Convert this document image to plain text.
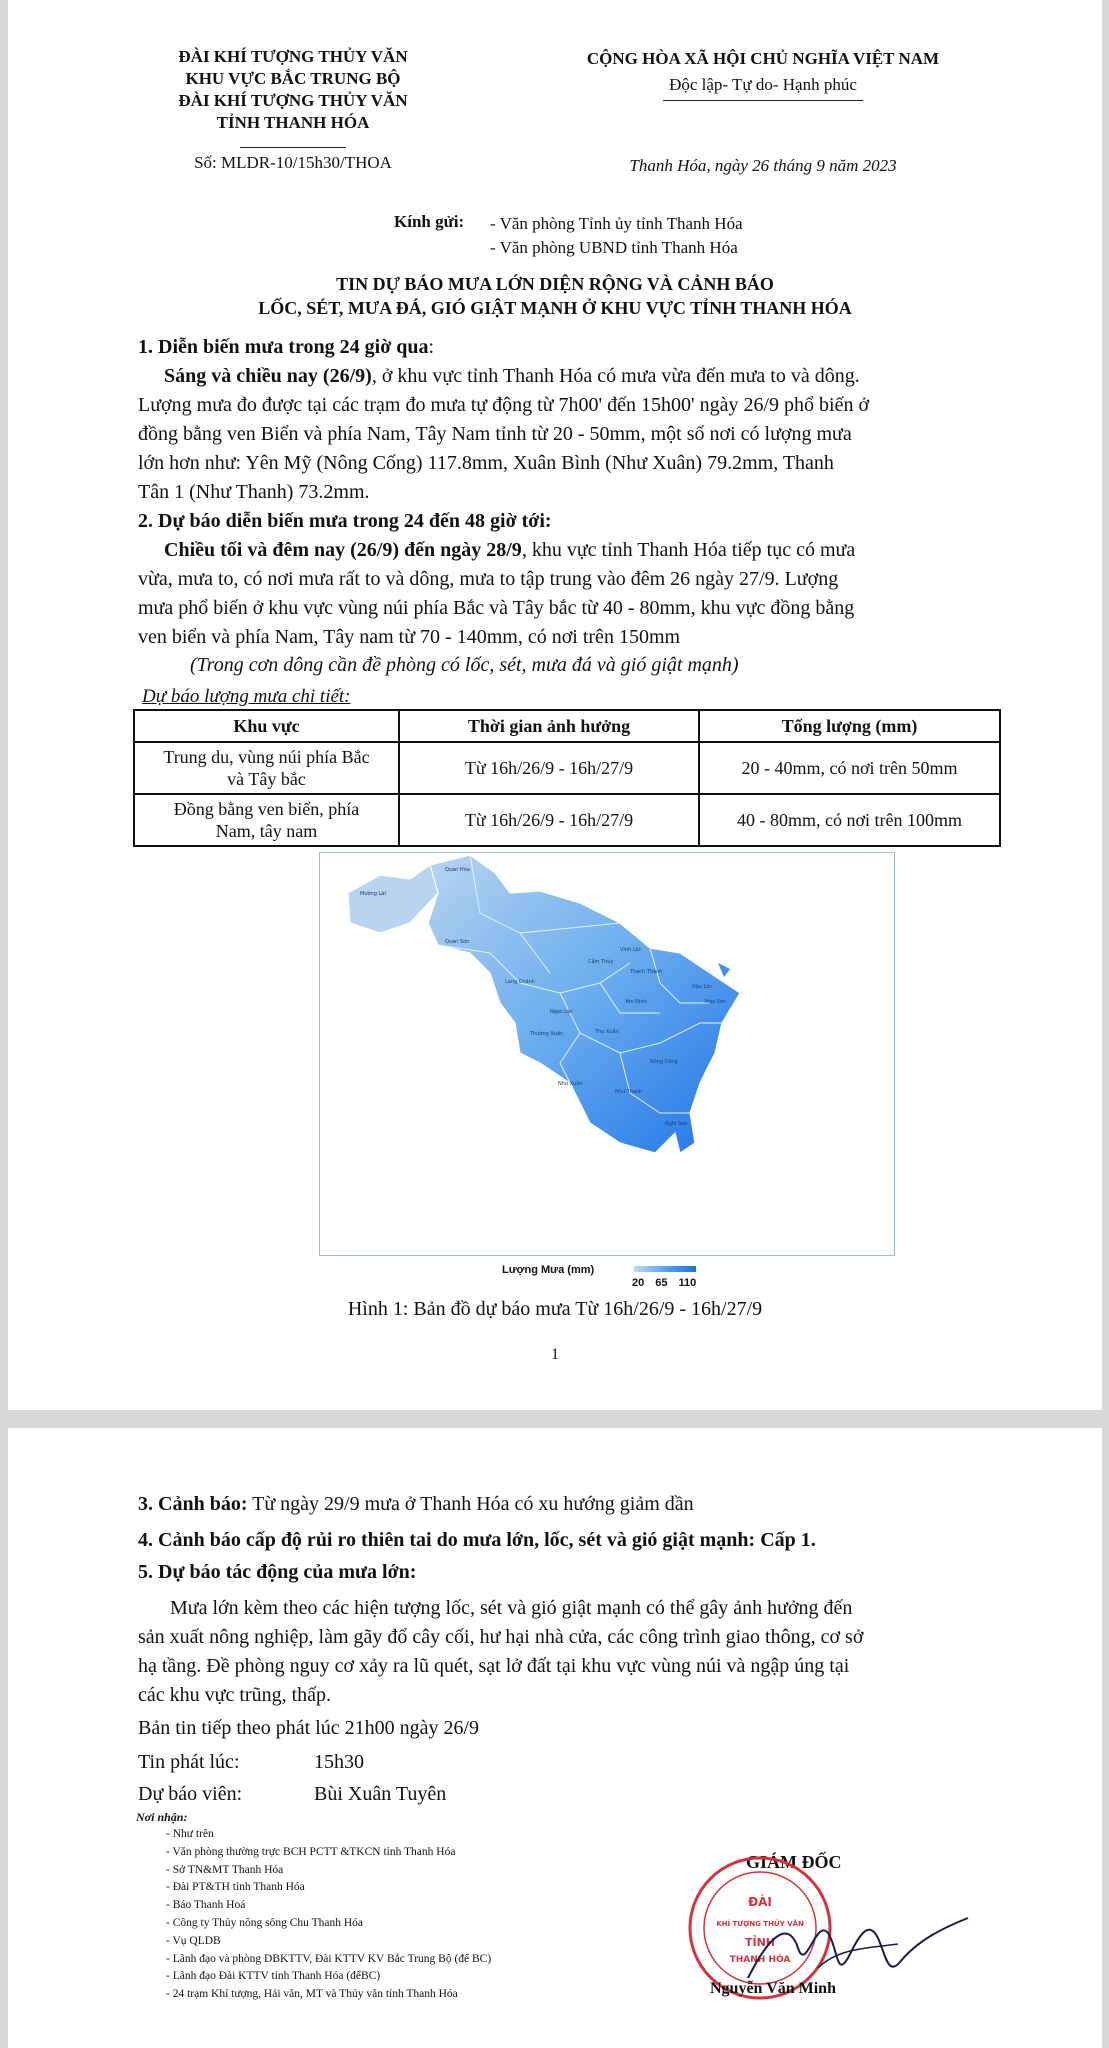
ĐÀI KHÍ TƯỢNG THỦY VĂN
KHU VỰC BẮC TRUNG BỘ
ĐÀI KHÍ TƯỢNG THỦY VĂN
TỈNH THANH HÓA
Số: MLDR-10/15h30/THOA
CỘNG HÒA XÃ HỘI CHỦ NGHĨA VIỆT NAM
Độc lập- Tự do- Hạnh phúc
Thanh Hóa, ngày 26 tháng 9 năm 2023
Kính gửi: - Văn phòng Tỉnh ủy tỉnh Thanh Hóa
- Văn phòng UBND tỉnh Thanh Hóa
TIN DỰ BÁO MƯA LỚN DIỆN RỘNG VÀ CẢNH BÁO
LỐC, SÉT, MƯA ĐÁ, GIÓ GIẬT MẠNH Ở KHU VỰC TỈNH THANH HÓA
1. Diễn biến mưa trong 24 giờ qua:
Sáng và chiều nay (26/9), ở khu vực tỉnh Thanh Hóa có mưa vừa đến mưa to và dông.
Lượng mưa đo được tại các trạm đo mưa tự động từ 7h00' đến 15h00' ngày 26/9 phổ biến ở
đồng bằng ven Biển và phía Nam, Tây Nam tỉnh từ 20 - 50mm, một số nơi có lượng mưa
lớn hơn như: Yên Mỹ (Nông Cống) 117.8mm, Xuân Bình (Như Xuân) 79.2mm, Thanh
Tân 1 (Như Thanh) 73.2mm.
2. Dự báo diễn biến mưa trong 24 đến 48 giờ tới:
Chiều tối và đêm nay (26/9) đến ngày 28/9, khu vực tỉnh Thanh Hóa tiếp tục có mưa
vừa, mưa to, có nơi mưa rất to và dông, mưa to tập trung vào đêm 26 ngày 27/9. Lượng
mưa phổ biến ở khu vực vùng núi phía Bắc và Tây bắc từ 40 - 80mm, khu vực đồng bằng
ven biển và phía Nam, Tây nam từ 70 - 140mm, có nơi trên 150mm
(Trong cơn dông cần đề phòng có lốc, sét, mưa đá và gió giật mạnh)
Dự báo lượng mưa chi tiết:
Khu vực	Thời gian ảnh hưởng	Tổng lượng (mm)

Trung du, vùng núi phía Bắc
và Tây bắc	Từ 16h/26/9 - 16h/27/9	20 - 40mm, có nơi trên 50mm

Đồng bằng ven biển, phía
Nam, tây nam	Từ 16h/26/9 - 16h/27/9	40 - 80mm, có nơi trên 100mm
Mường Lát
Quan Hóa
Quan Sơn
Lang Chánh
Ngọc Lặc
Cẩm Thủy
Thạch Thành
Như Xuân
Như Thanh
Nghi Sơn
Nông Cống
Hậu Lộc
Nga Sơn
Thường Xuân	Thọ Xuân
Yên Định
Vĩnh Lộc
Lượng Mưa (mm)
20 65 110
Hình 1: Bản đồ dự báo mưa Từ 16h/26/9 - 16h/27/9
1
3. Cảnh báo: Từ ngày 29/9 mưa ở Thanh Hóa có xu hướng giảm dần
4. Cảnh báo cấp độ rủi ro thiên tai do mưa lớn, lốc, sét và gió giật mạnh: Cấp 1.
5. Dự báo tác động của mưa lớn:
Mưa lớn kèm theo các hiện tượng lốc, sét và gió giật mạnh có thể gây ảnh hưởng đến
sản xuất nông nghiệp, làm gãy đổ cây cối, hư hại nhà cửa, các công trình giao thông, cơ sở
hạ tầng. Đề phòng nguy cơ xảy ra lũ quét, sạt lở đất tại khu vực vùng núi và ngập úng tại
các khu vực trũng, thấp.
Bản tin tiếp theo phát lúc 21h00 ngày 26/9
Tin phát lúc:	15h30
Dự báo viên:	Bùi Xuân Tuyên
Nơi nhận:
- Như trên
- Văn phòng thường trực BCH PCTT &TKCN tỉnh Thanh Hóa
- Sở TN&MT Thanh Hóa
- Đài PT&TH tỉnh Thanh Hóa
- Báo Thanh Hoá
- Công ty Thủy nông sông Chu Thanh Hóa
- Vụ QLDB
- Lãnh đạo và phòng DBKTTV, Đài KTTV KV Bắc Trung Bộ (để BC)
- Lãnh đạo Đài KTTV tỉnh Thanh Hóa (đểBC)
- 24 trạm Khí tượng, Hải văn, MT và Thủy văn tỉnh Thanh Hóa
GIÁM ĐỐC
ĐÀI
KHÍ TƯỢNG THỦY VĂN
TỈNH
THANH HÓA
Nguyễn Văn Minh
